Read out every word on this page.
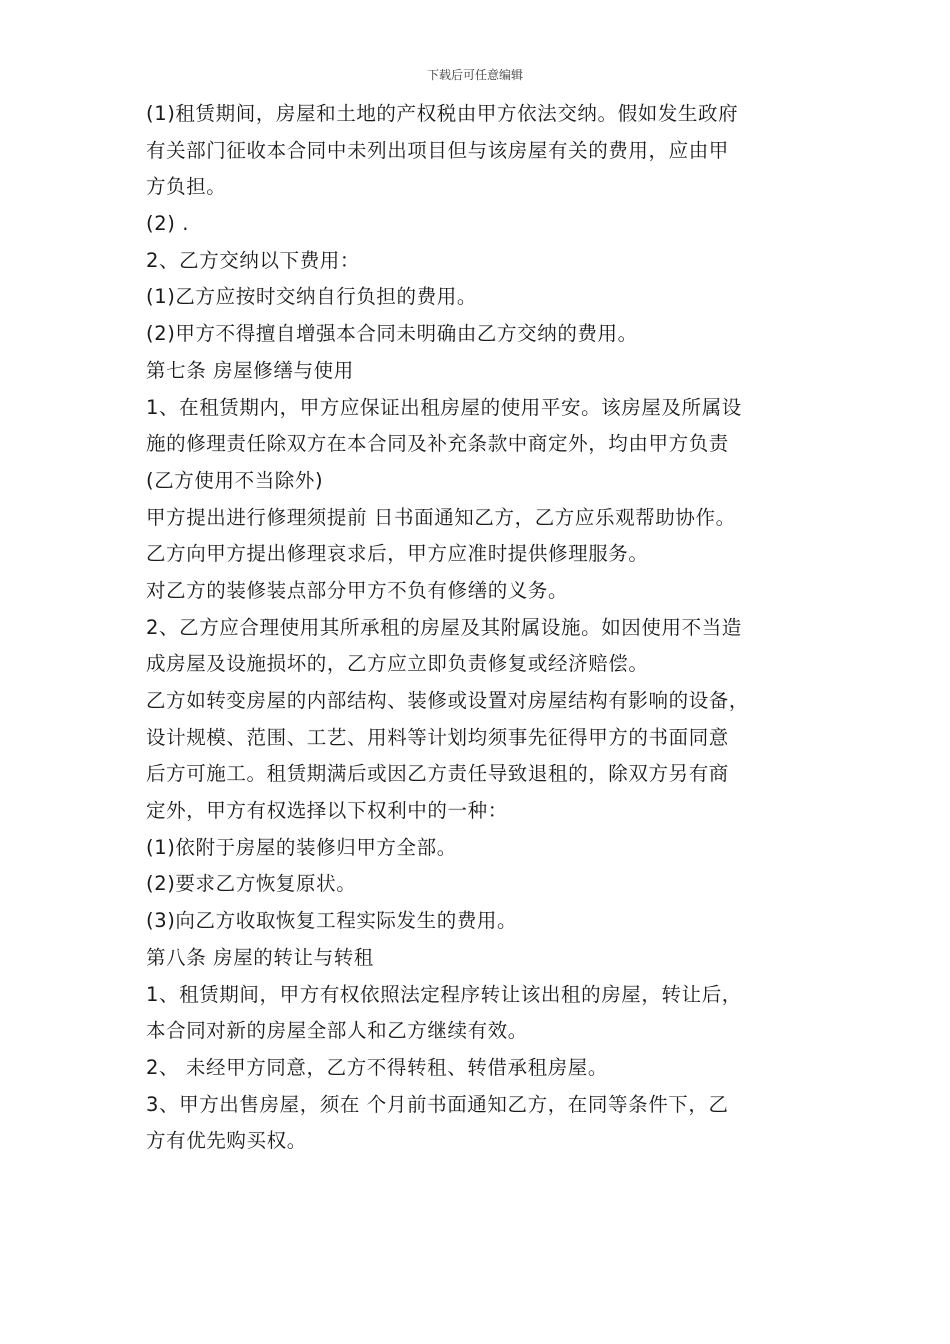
下载后可任意编辑
(1)租赁期间，房屋和土地的产权税由甲方依法交纳。假如发生政府
有关部门征收本合同中未列出项目但与该房屋有关的费用，应由甲
方负担。
(2) .
2、乙方交纳以下费用：
(1)乙方应按时交纳自行负担的费用。
(2)甲方不得擅自增强本合同未明确由乙方交纳的费用。
第七条 房屋修缮与使用
1、在租赁期内，甲方应保证出租房屋的使用平安。该房屋及所属设
施的修理责任除双方在本合同及补充条款中商定外，均由甲方负责
(乙方使用不当除外)
甲方提出进行修理须提前 日书面通知乙方，乙方应乐观帮助协作。
乙方向甲方提出修理哀求后，甲方应准时提供修理服务。
对乙方的装修装点部分甲方不负有修缮的义务。
2、乙方应合理使用其所承租的房屋及其附属设施。如因使用不当造
成房屋及设施损坏的，乙方应立即负责修复或经济赔偿。
乙方如转变房屋的内部结构、装修或设置对房屋结构有影响的设备，
设计规模、范围、工艺、用料等计划均须事先征得甲方的书面同意
后方可施工。租赁期满后或因乙方责任导致退租的，除双方另有商
定外，甲方有权选择以下权利中的一种：
(1)依附于房屋的装修归甲方全部。
(2)要求乙方恢复原状。
(3)向乙方收取恢复工程实际发生的费用。
第八条 房屋的转让与转租
1、租赁期间，甲方有权依照法定程序转让该出租的房屋，转让后，
本合同对新的房屋全部人和乙方继续有效。
2、 未经甲方同意，乙方不得转租、转借承租房屋。
3、甲方出售房屋，须在 个月前书面通知乙方，在同等条件下，乙
方有优先购买权。
